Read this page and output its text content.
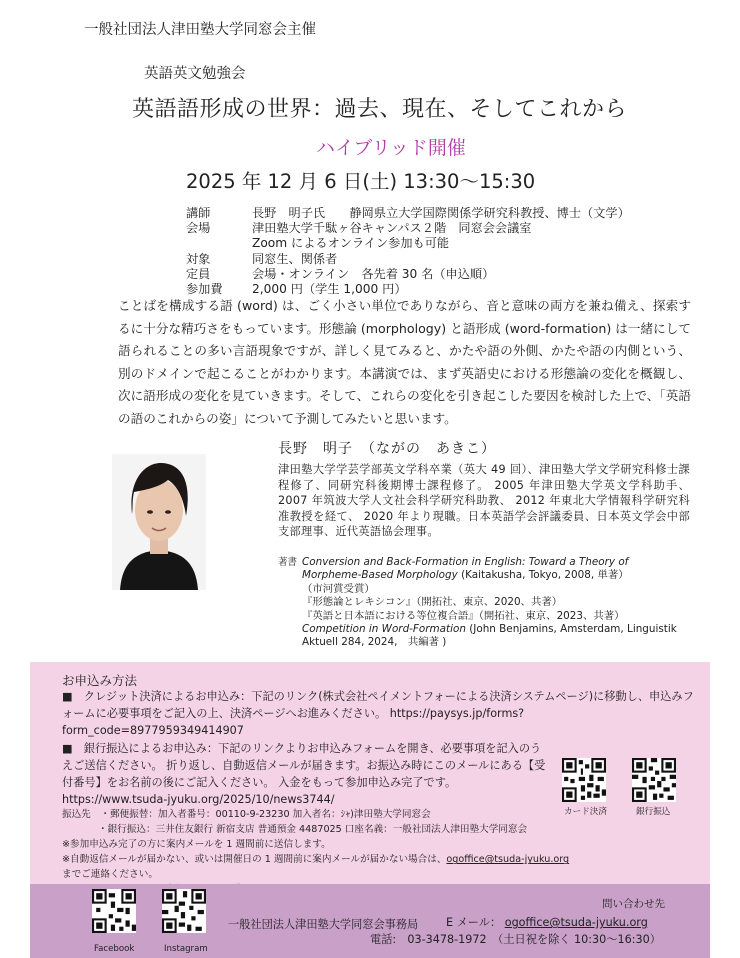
一般社団法人津田塾大学同窓会主催
英語英文勉強会
英語語形成の世界：過去、現在、そしてこれから
ハイブリッド開催
2025 年 12 月 6 日(土) 13:30〜15:30
講師	長野　明子氏　　静岡県立大学国際関係学研究科教授、博士（文学）
会場	津田塾大学千駄ヶ谷キャンパス２階　同窓会会議室
Zoom によるオンライン参加も可能
対象	同窓生、関係者
定員	会場・オンライン　各先着 30 名（申込順）
参加費	2,000 円（学生 1,000 円）
ことばを構成する語 (word) は、ごく小さい単位でありながら、音と意味の両方を兼ね備え、探索するに十分な精巧さをもっています。形態論 (morphology) と語形成 (word-formation) は一緒にして語られることの多い言語現象ですが、詳しく見てみると、かたや語の外側、かたや語の内側という、別のドメインで起こることがわかります。本講演では、まず英語史における形態論の変化を概観し、次に語形成の変化を見ていきます。そして、これらの変化を引き起こした要因を検討した上で、「英語の語のこれからの姿」について予測してみたいと思います。
長野　明子　（ながの　あきこ）
津田塾大学学芸学部英文学科卒業（英大 49 回）、津田塾大学文学研究科修士課程修了、同研究科後期博士課程修了。 2005 年津田塾大学英文学科助手、 2007 年筑波大学人文社会科学研究科助教、 2012 年東北大学情報科学研究科准教授を経て、 2020 年より現職。日本英語学会評議委員、日本英文学会中部支部理事、近代英語協会理事。
著書 Conversion and Back-Formation in English: Toward a Theory of Morpheme-Based Morphology (Kaitakusha, Tokyo, 2008, 単著）
（市河賞受賞）
『形態論とレキシコン』（開拓社、東京、2020、共著）
『英語と日本語における等位複合語』（開拓社、東京、2023、共著）
Competition in Word-Formation (John Benjamins, Amsterdam, Linguistik Aktuell 284, 2024,　共編著 )
お申込み方法

■　クレジット決済によるお申込み：下記のリンク(株式会社ペイメントフォーによる決済システムページ)に移動し、申込みフォームに必要事項をご記入の上、決済ページへお進みください。 https://paysys.jp/forms?form_code=8977959349414907

■　銀行振込によるお申込み：下記のリンクよりお申込みフォームを開き、必要事項を記入のうえご送信ください。 折り返し、自動返信メールが届きます。お振込み時にこのメールにある【受付番号】をお名前の後にご記入ください。 入金をもって参加申込み完了です。 https://www.tsuda-jyuku.org/2025/10/news3744/

振込先　 ・郵便振替：加入者番号：00110-9-23230 加入者名：ｼｬ)津田塾大学同窓会

・銀行振込：三井住友銀行 新宿支店 普通預金 4487025 口座名義：一般社団法人津田塾大学同窓会

※参加申込み完了の方に案内メールを 1 週間前に送信します。

※自動返信メールが届かない、或いは開催日の 1 週間前に案内メールが届かない場合は、ogoffice@tsuda-jyuku.org

までご連絡ください。

カード決済	銀行振込
Facebook	Instagram
問い合わせ先
一般社団法人津田塾大学同窓会事務局 E メール： ogoffice@tsuda-jyuku.org
電話:　03-3478-1972　（土日祝を除く 10:30〜16:30）
